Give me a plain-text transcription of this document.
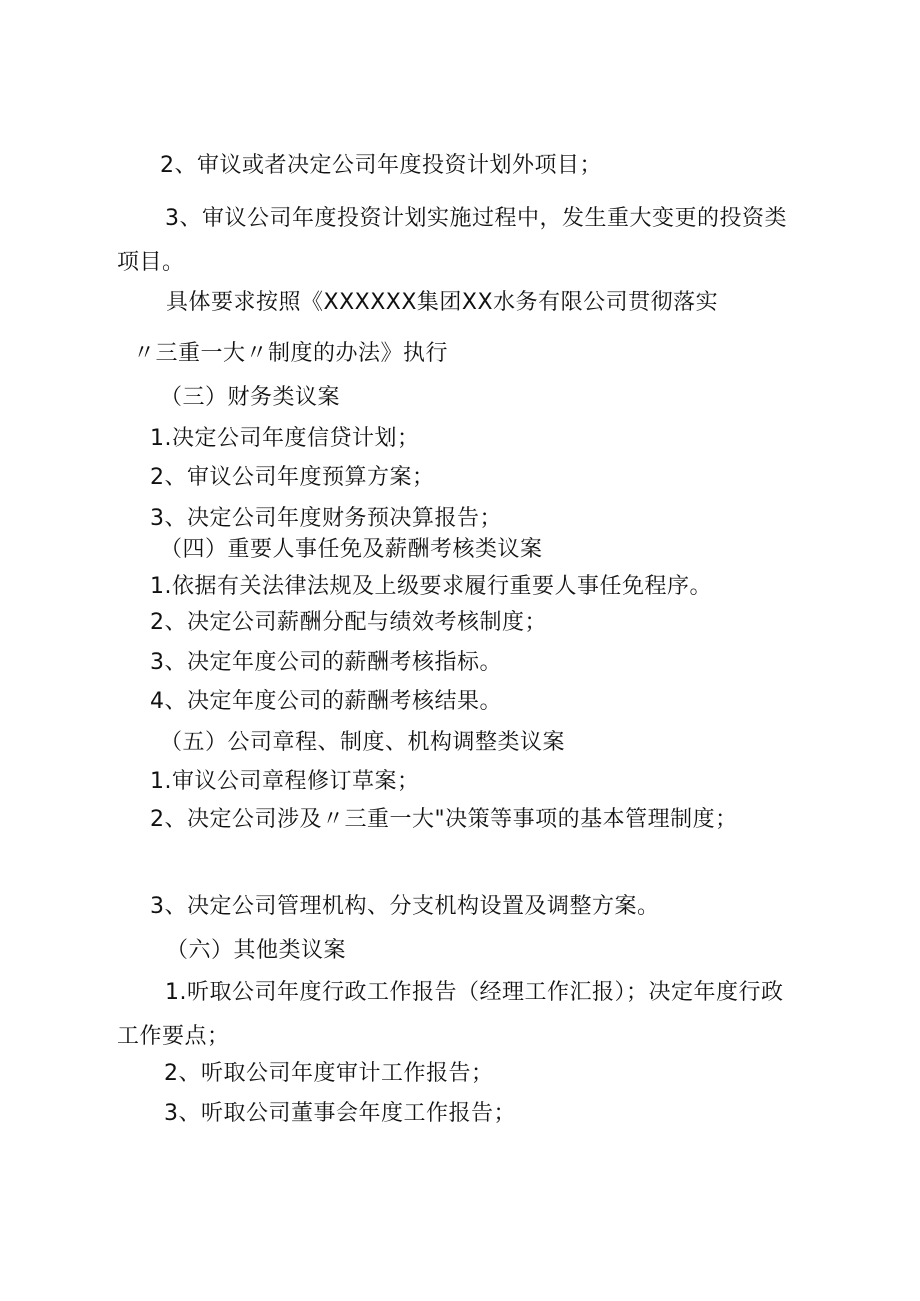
2、审议或者决定公司年度投资计划外项目；
3、审议公司年度投资计划实施过程中，发生重大变更的投资类项目。
具体要求按照《XXXXXX集团XX水务有限公司贯彻落实
〃三重一大〃制度的办法》执行
（三）财务类议案
1.决定公司年度信贷计划；
2、审议公司年度预算方案；
3、决定公司年度财务预决算报告；
（四）重要人事任免及薪酬考核类议案
1.依据有关法律法规及上级要求履行重要人事任免程序。
2、决定公司薪酬分配与绩效考核制度；
3、决定年度公司的薪酬考核指标。
4、决定年度公司的薪酬考核结果。
（五）公司章程、制度、机构调整类议案
1.审议公司章程修订草案；
2、决定公司涉及〃三重一大"决策等事项的基本管理制度；
3、决定公司管理机构、分支机构设置及调整方案。
（六）其他类议案
1.听取公司年度行政工作报告（经理工作汇报）；决定年度行政工作要点；
2、听取公司年度审计工作报告；
3、听取公司董事会年度工作报告；
